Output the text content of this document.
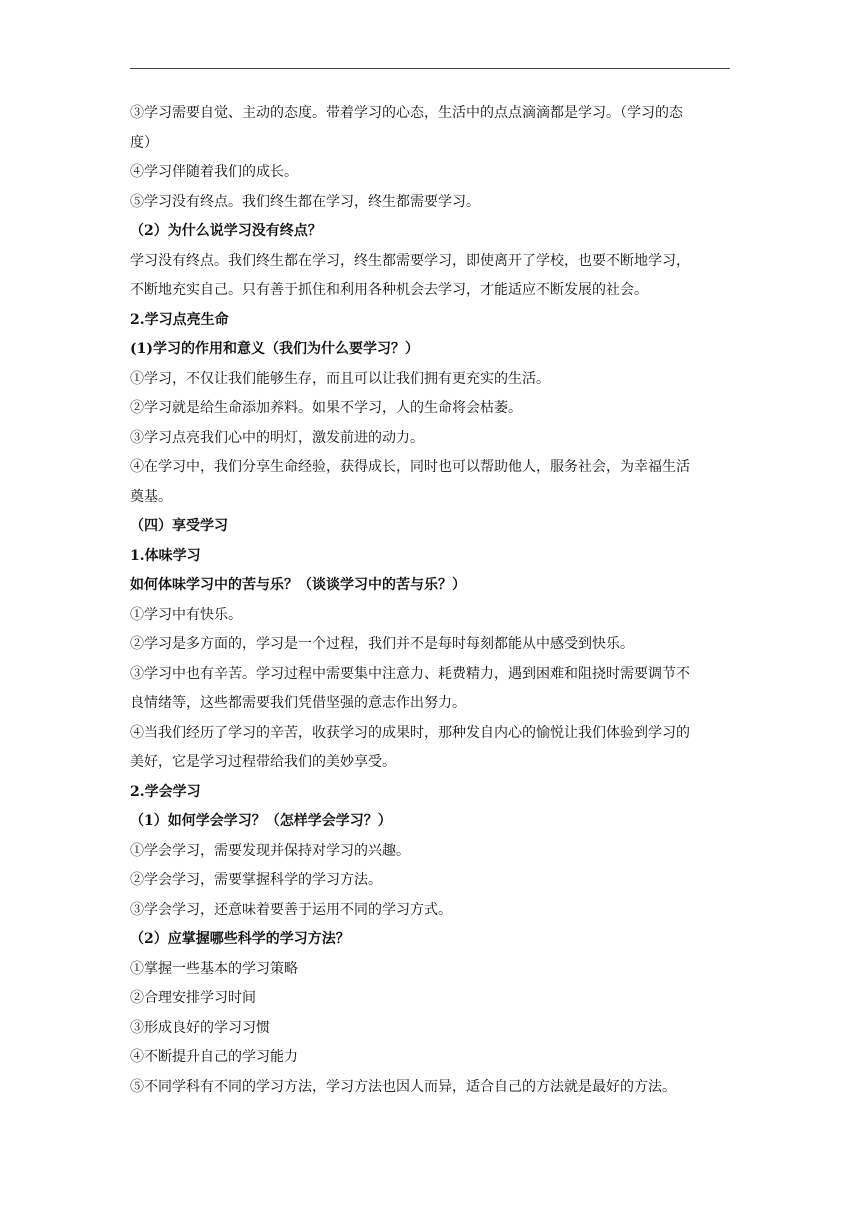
③学习需要自觉、主动的态度。带着学习的心态，生活中的点点滴滴都是学习。（学习的态
度）
④学习伴随着我们的成长。
⑤学习没有终点。我们终生都在学习，终生都需要学习。
（2）为什么说学习没有终点？
学习没有终点。我们终生都在学习，终生都需要学习，即使离开了学校，也要不断地学习，
不断地充实自己。只有善于抓住和利用各种机会去学习，才能适应不断发展的社会。
2.学习点亮生命
(1)学习的作用和意义（我们为什么要学习？）
①学习，不仅让我们能够生存，而且可以让我们拥有更充实的生活。
②学习就是给生命添加养料。如果不学习，人的生命将会枯萎。
③学习点亮我们心中的明灯，激发前进的动力。
④在学习中，我们分享生命经验，获得成长，同时也可以帮助他人，服务社会，为幸福生活
奠基。
（四）享受学习
1.体味学习
如何体味学习中的苦与乐？（谈谈学习中的苦与乐？）
①学习中有快乐。
②学习是多方面的，学习是一个过程，我们并不是每时每刻都能从中感受到快乐。
③学习中也有辛苦。学习过程中需要集中注意力、耗费精力，遇到困难和阻挠时需要调节不
良情绪等，这些都需要我们凭借坚强的意志作出努力。
④当我们经历了学习的辛苦，收获学习的成果时，那种发自内心的愉悦让我们体验到学习的
美好，它是学习过程带给我们的美妙享受。
2.学会学习
（1）如何学会学习？（怎样学会学习？）
①学会学习，需要发现并保持对学习的兴趣。
②学会学习，需要掌握科学的学习方法。
③学会学习，还意味着要善于运用不同的学习方式。
（2）应掌握哪些科学的学习方法？
①掌握一些基本的学习策略
②合理安排学习时间
③形成良好的学习习惯
④不断提升自己的学习能力
⑤不同学科有不同的学习方法，学习方法也因人而异，适合自己的方法就是最好的方法。
